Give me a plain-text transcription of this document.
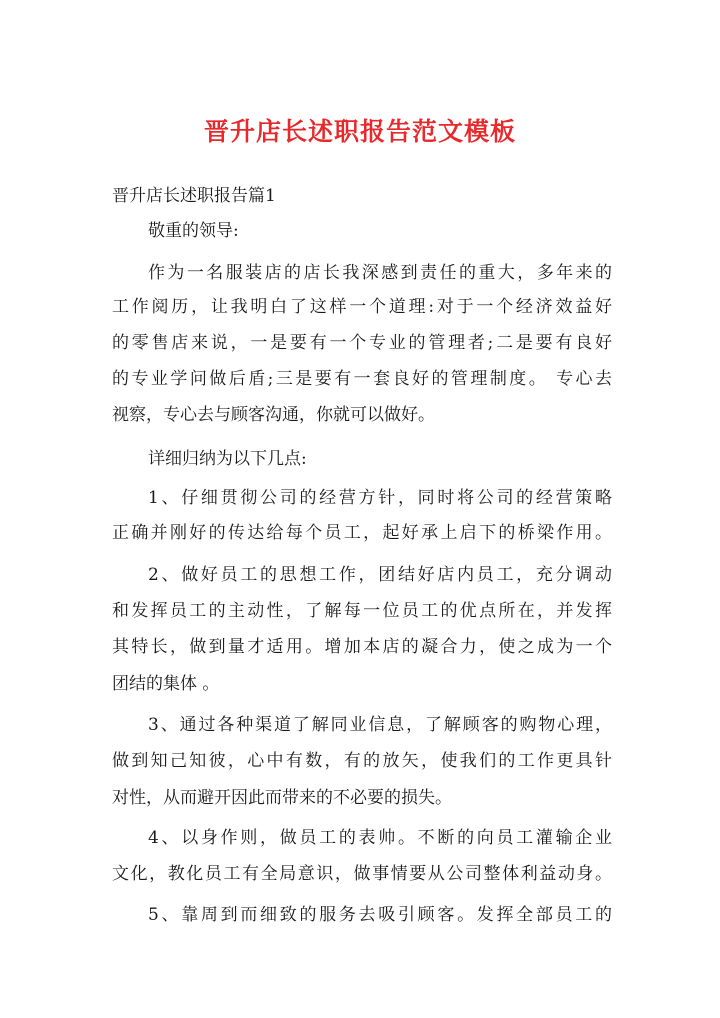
晋升店长述职报告范文模板
晋升店长述职报告篇1
敬重的领导:
作为一名服装店的店长我深感到责任的重大，多年来的
工作阅历，让我明白了这样一个道理:对于一个经济效益好
的零售店来说，一是要有一个专业的管理者;二是要有良好
的专业学问做后盾;三是要有一套良好的管理制度。 专心去
视察，专心去与顾客沟通，你就可以做好。
详细归纳为以下几点:
1、仔细贯彻公司的经营方针，同时将公司的经营策略
正确并刚好的传达给每个员工，起好承上启下的桥梁作用。
2、做好员工的思想工作，团结好店内员工，充分调动
和发挥员工的主动性，了解每一位员工的优点所在，并发挥
其特长，做到量才适用。增加本店的凝合力，使之成为一个
团结的集体 。
3、通过各种渠道了解同业信息，了解顾客的购物心理，
做到知己知彼，心中有数，有的放矢，使我们的工作更具针
对性，从而避开因此而带来的不必要的损失。
4、以身作则，做员工的表帅。不断的向员工灌输企业
文化，教化员工有全局意识，做事情要从公司整体利益动身。
5、靠周到而细致的服务去吸引顾客。发挥全部员工的
